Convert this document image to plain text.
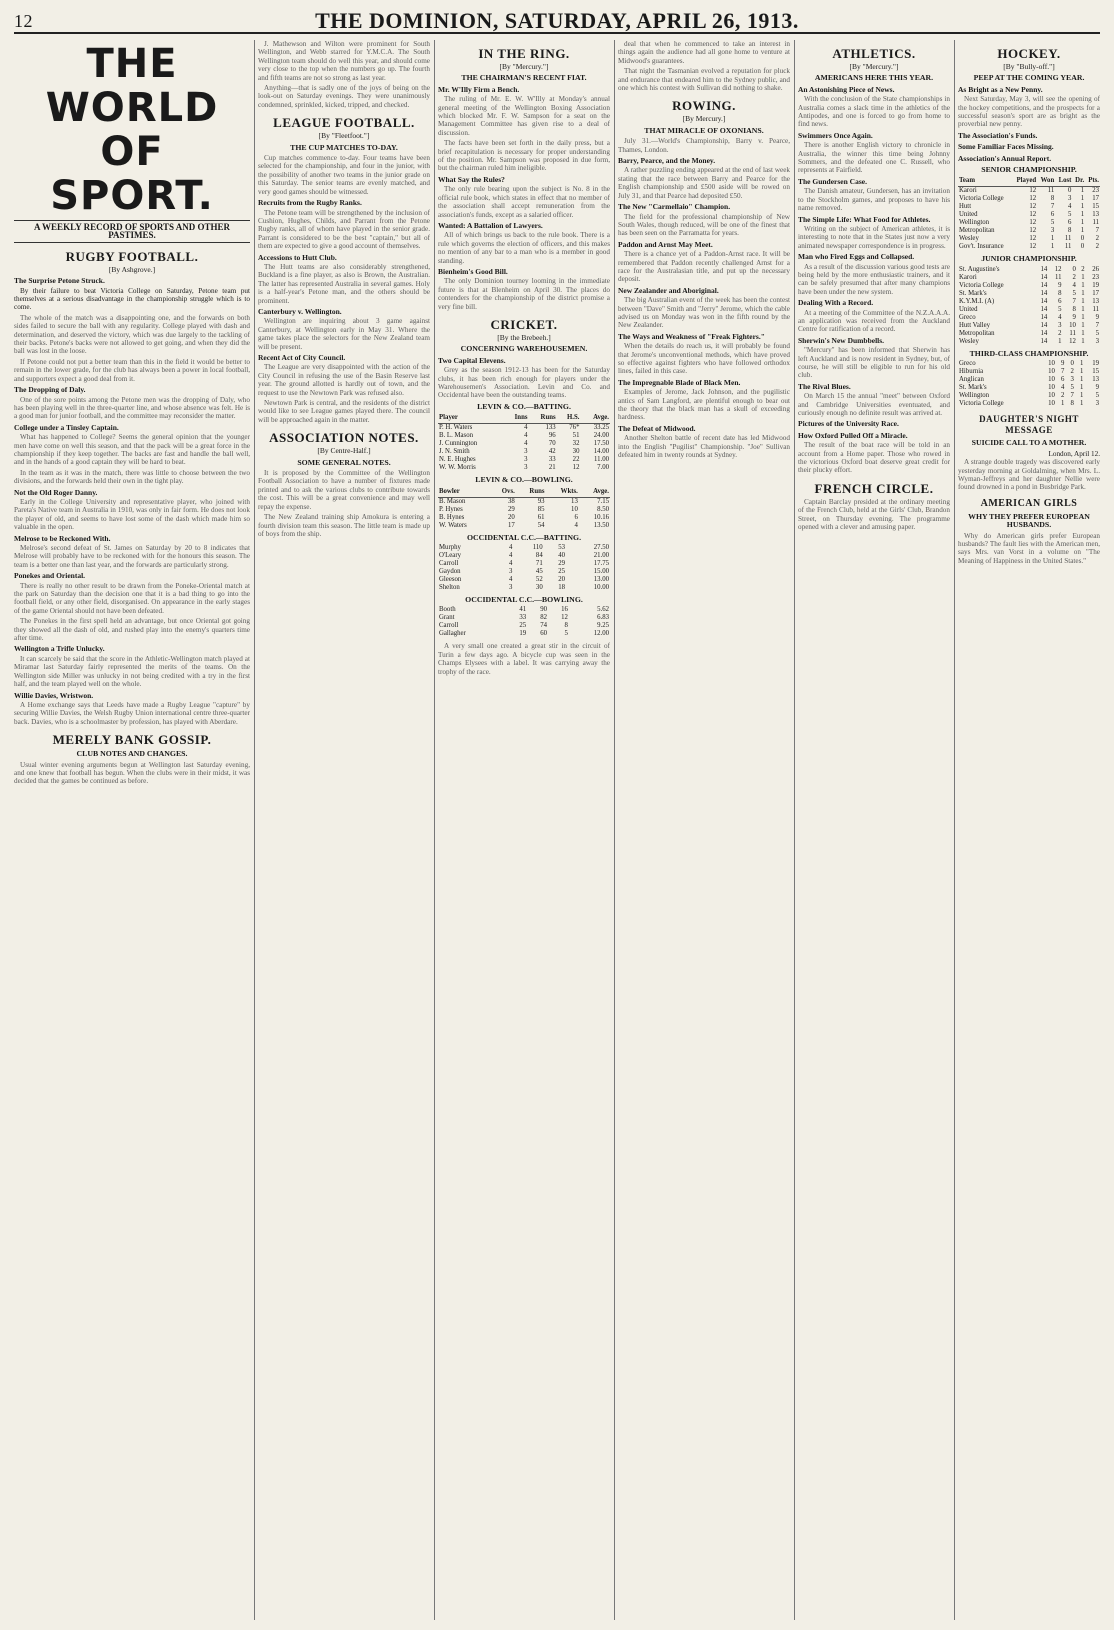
12	THE DOMINION, SATURDAY, APRIL 26, 1913.
THE WORLD OF SPORT.
A WEEKLY RECORD OF SPORTS AND OTHER PASTIMES.
RUGBY FOOTBALL.
[By Ashgrove.]
The Surprise Petone Struck.

By their failure to beat Victoria College on Saturday, Petone team put themselves at a serious disadvantage in the championship struggle which is to come.

The whole of the match was a disappointing one, and the forwards on both sides failed to secure the ball with any regularity. College played with dash and determination, and deserved the victory, which was due largely to the tackling of their backs. Petone's backs were not allowed to get going, and when they did the ball was lost in the loose.

If Petone could not put a better team than this in the field it would be better to remain in the lower grade, for the club has always been a power in local football, and supporters expect a good deal from it.

The Dropping of Daly.

One of the sore points among the Petone men was the dropping of Daly, who has been playing well in the three-quarter line, and whose absence was felt. He is a good man for junior football, and the committee may reconsider the matter.

College under a Tinsley Captain.

What has happened to College? Seems the general opinion that the younger men have come on well this season, and that the pack will be a great force in the championship if they keep together. The backs are fast and handle the ball well, and in the hands of a good captain they will be hard to beat.

In the team as it was in the match, there was little to choose between the two divisions, and the forwards held their own in the tight play.

Not the Old Roger Danny.

Early in the College University and representative player, who joined with Pareta's Native team in Australia in 1910, was only in fair form. He does not look the player of old, and seems to have lost some of the dash which made him so valuable in the open.

Melrose to be Reckoned With.

Melrose's second defeat of St. James on Saturday by 20 to 8 indicates that Melrose will probably have to be reckoned with for the honours this season. The team is a better one than last year, and the forwards are particularly strong.

Ponekes and Oriental.

There is really no other result to be drawn from the Poneke-Oriental match at the park on Saturday than the decision one that it is a bad thing to go into the football field, or any other field, disorganised. On appearance in the early stages of the game Oriental should not have been defeated.

The Ponekes in the first spell held an advantage, but once Oriental got going they showed all the dash of old, and rushed play into the enemy's quarters time after time.

Wellington a Trifle Unlucky.

It can scarcely be said that the score in the Athletic-Wellington match played at Miramar last Saturday fairly represented the merits of the teams. On the Wellington side Miller was unlucky in not being credited with a try in the first half, and the team played well on the whole.

Willie Davies, Wristwon.

A Home exchange says that Leeds have made a Rugby League "capture" by securing Willie Davies, the Welsh Rugby Union international centre three-quarter back. Davies, who is a schoolmaster by profession, has played with Aberdare.

MERELY BANK GOSSIP.
CLUB NOTES AND CHANGES.

Usual winter evening arguments begun at Wellington last Saturday evening, and one knew that football has begun. When the clubs were in their midst, it was decided that the games be continued as before.

J. Mathewson and Wilton were prominent for South Wellington, and Webb starred for Y.M.C.A. The South Wellington team should do well this year, and should come very close to the top when the numbers go up. The fourth and fifth teams are not so strong as last year.

Anything—that is sadly one of the joys of being on the look-out on Saturday evenings. They were unanimously condemned, sprinkled, kicked, tripped, and checked.

LEAGUE FOOTBALL.
[By "Fleetfoot."]
THE CUP MATCHES TO-DAY.

Cup matches commence to-day. Four teams have been selected for the championship, and four in the junior, with the possibility of another two teams in the junior grade on this Saturday. The senior teams are evenly matched, and very good games should be witnessed.

Recruits from the Rugby Ranks.

The Petone team will be strengthened by the inclusion of Cushion, Hughes, Childs, and Parrant from the Petone Rugby ranks, all of whom have played in the senior grade. Parrant is considered to be the best "captain," but all of them are expected to give a good account of themselves.

Accessions to Hutt Club.

The Hutt teams are also considerably strengthened, Buckland is a fine player, as also is Brown, the Australian. The latter has represented Australia in several games. Holy is a half-year's Petone man, and the others should be prominent.

Canterbury v. Wellington.

Wellington are inquiring about 3 game against Canterbury, at Wellington early in May 31. Where the game takes place the selectors for the New Zealand team will be present.

Recent Act of City Council.

The League are very disappointed with the action of the City Council in refusing the use of the Basin Reserve last year. The ground allotted is hardly out of town, and the request to use the Newtown Park was refused also.

Newtown Park is central, and the residents of the district would like to see League games played there. The council will be approached again in the matter.

ASSOCIATION NOTES.
[By Centre-Half.]
SOME GENERAL NOTES.

It is proposed by the Committee of the Wellington Football Association to have a number of fixtures made printed and to ask the various clubs to contribute towards the cost. This will be a great convenience and may well repay the expense.

The New Zealand training ship Amokura is entering a fourth division team this season. The little team is made up of boys from the ship.

IN THE RING.
[By "Mercury."]
THE CHAIRMAN'S RECENT FIAT.
Mr. W'Illy Firm a Bench.

The ruling of Mr. E. W. W'Illy at Monday's annual general meeting of the Wellington Boxing Association which blocked Mr. F. W. Sampson for a seat on the Management Committee has given rise to a deal of discussion.

The facts have been set forth in the daily press, but a brief recapitulation is necessary for proper understanding of the position. Mr. Sampson was proposed in due form, but the chairman ruled him ineligible.

What Say the Rules?

The only rule bearing upon the subject is No. 8 in the official rule book, which states in effect that no member of the association shall accept remuneration from the association's funds, except as a salaried officer.

Wanted: A Battalion of Lawyers.

All of which brings us back to the rule book. There is a rule which governs the election of officers, and this makes no mention of any bar to a man who is a member in good standing.

Bienheim's Good Bill.

The only Dominion tourney looming in the immediate future is that at Blenheim on April 30. The places do contenders for the championship of the district promise a very fine bill.

CRICKET.
[By the Brebeeh.]
CONCERNING WAREHOUSEMEN.
Two Capital Elevens.

Grey as the season 1912-13 has been for the Saturday clubs, it has been rich enough for players under the Warehousemen's Association. Levin and Co. and Occidental have been the outstanding teams.

LEVIN & CO.—BATTING.
Player	Inns	Runs	H.S.	Avge.
P. H. Waters	4	133	76*	33.25
B. L. Mason	4	96	51	24.00
J. Cunnington	4	70	32	17.50
J. N. Smith	3	42	30	14.00
N. E. Hughes	3	33	22	11.00
W. W. Morris	3	21	12	7.00
LEVIN & CO.—BOWLING.
Bowler	Ovs.	Runs	Wkts.	Avge.
B. Mason	38	93	13	7.15
P. Hynes	29	85	10	8.50
B. Hynes	20	61	6	10.16
W. Waters	17	54	4	13.50
OCCIDENTAL C.C.—BATTING.
Murphy	4	110	53	27.50
O'Leary	4	84	40	21.00
Carroll	4	71	29	17.75
Gaydon	3	45	25	15.00
Gleeson	4	52	20	13.00
Shelton	3	30	18	10.00
OCCIDENTAL C.C.—BOWLING.
Booth	41	90	16	5.62
Grant	33	82	12	6.83
Carroll	25	74	8	9.25
Gallagher	19	60	5	12.00

A very small one created a great stir in the circuit of Turin a few days ago. A bicycle cup was seen in the Champs Elysees with a label. It was carrying away the trophy of the race.

deal that when he commenced to take an interest in things again the audience had all gone home to venture at Midwood's guarantees.

That night the Tasmanian evolved a reputation for pluck and endurance that endeared him to the Sydney public, and one which his contest with Sullivan did nothing to shake.

ROWING.
[By Mercury.]
THAT MIRACLE OF OXONIANS.

July 31.—World's Championship, Barry v. Pearce, Thames, London.

Barry, Pearce, and the Money.

A rather puzzling ending appeared at the end of last week stating that the race between Barry and Pearce for the English championship and £500 aside will be rowed on July 31, and that Pearce had deposited £50.

The New "Carmellaio" Champion.

The field for the professional championship of New South Wales, though reduced, will be one of the finest that has been seen on the Parramatta for years.

Paddon and Arnst May Meet.

There is a chance yet of a Paddon-Arnst race. It will be remembered that Paddon recently challenged Arnst for a race for the Australasian title, and put up the necessary deposit.

New Zealander and Aboriginal.

The big Australian event of the week has been the contest between "Dave" Smith and "Jerry" Jerome, which the cable advised us on Monday was won in the fifth round by the New Zealander.

The Ways and Weakness of "Freak Fighters."

When the details do reach us, it will probably be found that Jerome's unconventional methods, which have proved so effective against fighters who have followed orthodox lines, failed in this case.

The Impregnable Blade of Black Men.

Examples of Jerome, Jack Johnson, and the pugilistic antics of Sam Langford, are plentiful enough to bear out the theory that the black man has a skull of exceeding hardness.

The Defeat of Midwood.

Another Shelton battle of recent date has led Midwood into the English "Pugilist" Championship. "Joe" Sullivan defeated him in twenty rounds at Sydney.

ATHLETICS.
[By "Mercury."]
AMERICANS HERE THIS YEAR.
An Astonishing Piece of News.

With the conclusion of the State championships in Australia comes a slack time in the athletics of the Antipodes, and one is forced to go from home to find news.

Swimmers Once Again.

There is another English victory to chronicle in Australia, the winner this time being Johnny Sommers, and the defeated one C. Russell, who represents at Fairfield.

The Gundersen Case.

The Danish amateur, Gundersen, has an invitation to the Stockholm games, and proposes to have his name removed.

The Simple Life: What Food for Athletes.

Writing on the subject of American athletes, it is interesting to note that in the States just now a very animated newspaper correspondence is in progress.

Man who Fired Eggs and Collapsed.

As a result of the discussion various good tests are being held by the more enthusiastic trainers, and it can be safely presumed that after many champions have been under the new system.

Dealing With a Record.

At a meeting of the Committee of the N.Z.A.A.A. an application was received from the Auckland Centre for ratification of a record.

Sherwin's New Dumbbells.

"Mercury" has been informed that Sherwin has left Auckland and is now resident in Sydney, but, of course, he will still be eligible to run for his old club.

The Rival Blues.

On March 15 the annual "meet" between Oxford and Cambridge Universities eventuated, and curiously enough no definite result was arrived at.

Pictures of the University Race.
How Oxford Pulled Off a Miracle.

The result of the boat race will be told in an account from a Home paper. Those who rowed in the victorious Oxford boat deserve great credit for their plucky effort.

FRENCH CIRCLE.

Captain Barclay presided at the ordinary meeting of the French Club, held at the Girls' Club, Brandon Street, on Thursday evening. The programme opened with a clever and amusing paper.

HOCKEY.
[By "Bully-off."]
PEEP AT THE COMING YEAR.
As Bright as a New Penny.

Next Saturday, May 3, will see the opening of the hockey competitions, and the prospects for a successful season's sport are as bright as the proverbial new penny.

The Association's Funds.
Some Familiar Faces Missing.
Association's Annual Report.
SENIOR CHAMPIONSHIP.
Team	Played	Won	Lost	Dr.	Pts.
Karori	12	11	0	1	23
Victoria College	12	8	3	1	17
Hutt	12	7	4	1	15
United	12	6	5	1	13
Wellington	12	5	6	1	11
Metropolitan	12	3	8	1	7
Wesley	12	1	11	0	2
Gov't. Insurance	12	1	11	0	2
JUNIOR CHAMPIONSHIP.
St. Augustine's	14	12	0	2	26
Karori	14	11	2	1	23
Victoria College	14	9	4	1	19
St. Mark's	14	8	5	1	17
K.Y.M.I. (A)	14	6	7	1	13
United	14	5	8	1	11
Greco	14	4	9	1	9
Hutt Valley	14	3	10	1	7
Metropolitan	14	2	11	1	5
Wesley	14	1	12	1	3
THIRD-CLASS CHAMPIONSHIP.
Greco	10	9	0	1	19
Hiburnia	10	7	2	1	15
Anglican	10	6	3	1	13
St. Mark's	10	4	5	1	9
Wellington	10	2	7	1	5
Victoria College	10	1	8	1	3
DAUGHTER'S NIGHT MESSAGE
SUICIDE CALL TO A MOTHER.
London, April 12.

A strange double tragedy was discovered early yesterday morning at Goldalming, when Mrs. L. Wyman-Jeffreys and her daughter Nellie were found drowned in a pond in Busbridge Park.

AMERICAN GIRLS
WHY THEY PREFER EUROPEAN HUSBANDS.

Why do American girls prefer European husbands? The fault lies with the American men, says Mrs. van Vorst in a volume on "The Meaning of Happiness in the United States."
